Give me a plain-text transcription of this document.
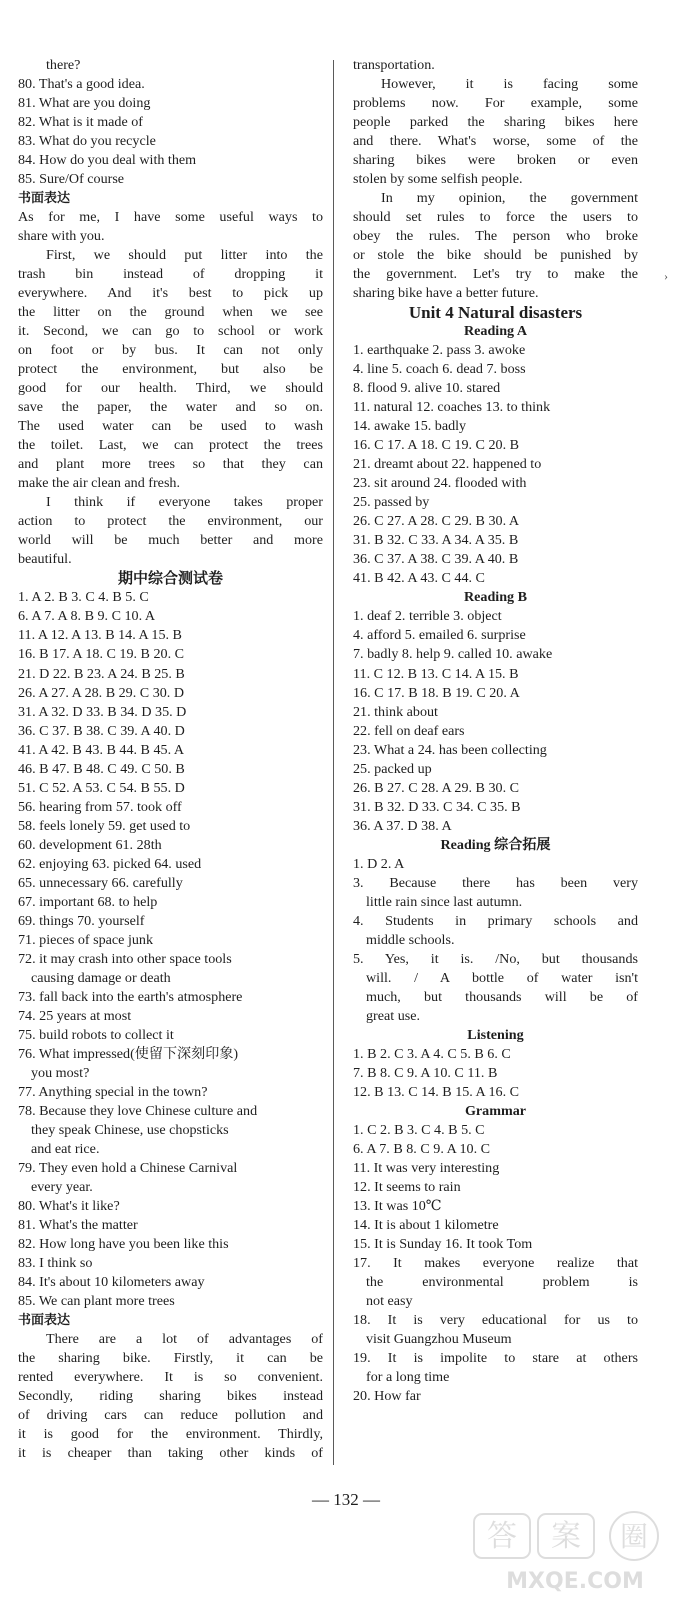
there?
80. That's a good idea.
81. What are you doing
82. What is it made of
83. What do you recycle
84. How do you deal with them
85. Sure/Of course
书面表达
As for me, I have some useful ways to
share with you.
First, we should put litter into the
trash bin instead of dropping it
everywhere. And it's best to pick up
the litter on the ground when we see
it. Second, we can go to school or work
on foot or by bus. It can not only
protect the environment, but also be
good for our health. Third, we should
save the paper, the water and so on.
The used water can be used to wash
the toilet. Last, we can protect the trees
and plant more trees so that they can
make the air clean and fresh.
I think if everyone takes proper
action to protect the environment, our
world will be much better and more
beautiful.
期中综合测试卷
1. A 2. B 3. C 4. B 5. C
6. A 7. A 8. B 9. C 10. A
11. A 12. A 13. B 14. A 15. B
16. B 17. A 18. C 19. B 20. C
21. D 22. B 23. A 24. B 25. B
26. A 27. A 28. B 29. C 30. D
31. A 32. D 33. B 34. D 35. D
36. C 37. B 38. C 39. A 40. D
41. A 42. B 43. B 44. B 45. A
46. B 47. B 48. C 49. C 50. B
51. C 52. A 53. C 54. B 55. D
56. hearing from 57. took off
58. feels lonely 59. get used to
60. development 61. 28th
62. enjoying 63. picked 64. used
65. unnecessary 66. carefully
67. important 68. to help
69. things 70. yourself
71. pieces of space junk
72. it may crash into other space tools
causing damage or death
73. fall back into the earth's atmosphere
74. 25 years at most
75. build robots to collect it
76. What impressed(使留下深刻印象)
you most?
77. Anything special in the town?
78. Because they love Chinese culture and
they speak Chinese, use chopsticks
and eat rice.
79. They even hold a Chinese Carnival
every year.
80. What's it like?
81. What's the matter
82. How long have you been like this
83. I think so
84. It's about 10 kilometers away
85. We can plant more trees
书面表达
There are a lot of advantages of
the sharing bike. Firstly, it can be
rented everywhere. It is so convenient.
Secondly, riding sharing bikes instead
of driving cars can reduce pollution and
it is good for the environment. Thirdly,
it is cheaper than taking other kinds of
transportation.
However, it is facing some
problems now. For example, some
people parked the sharing bikes here
and there. What's worse, some of the
sharing bikes were broken or even
stolen by some selfish people.
In my opinion, the government
should set rules to force the users to
obey the rules. The person who broke
or stole the bike should be punished by
the government. Let's try to make the
sharing bike have a better future.
Unit 4 Natural disasters
Reading A
1. earthquake 2. pass 3. awoke
4. line 5. coach 6. dead 7. boss
8. flood 9. alive 10. stared
11. natural 12. coaches 13. to think
14. awake 15. badly
16. C 17. A 18. C 19. C 20. B
21. dreamt about 22. happened to
23. sit around 24. flooded with
25. passed by
26. C 27. A 28. C 29. B 30. A
31. B 32. C 33. A 34. A 35. B
36. C 37. A 38. C 39. A 40. B
41. B 42. A 43. C 44. C
Reading B
1. deaf 2. terrible 3. object
4. afford 5. emailed 6. surprise
7. badly 8. help 9. called 10. awake
11. C 12. B 13. C 14. A 15. B
16. C 17. B 18. B 19. C 20. A
21. think about
22. fell on deaf ears
23. What a 24. has been collecting
25. packed up
26. B 27. C 28. A 29. B 30. C
31. B 32. D 33. C 34. C 35. B
36. A 37. D 38. A
Reading 综合拓展
1. D 2. A
3. Because there has been very
little rain since last autumn.
4. Students in primary schools and
middle schools.
5. Yes, it is. /No, but thousands
will. / A bottle of water isn't
much, but thousands will be of
great use.
Listening
1. B 2. C 3. A 4. C 5. B 6. C
7. B 8. C 9. A 10. C 11. B
12. B 13. C 14. B 15. A 16. C
Grammar
1. C 2. B 3. C 4. B 5. C
6. A 7. B 8. C 9. A 10. C
11. It was very interesting
12. It seems to rain
13. It was 10℃
14. It is about 1 kilometre
15. It is Sunday 16. It took Tom
17. It makes everyone realize that
the environmental problem is
not easy
18. It is very educational for us to
visit Guangzhou Museum
19. It is impolite to stare at others
for a long time
20. How far
›
— 132 —
答 案 圈
MXQE.COM
